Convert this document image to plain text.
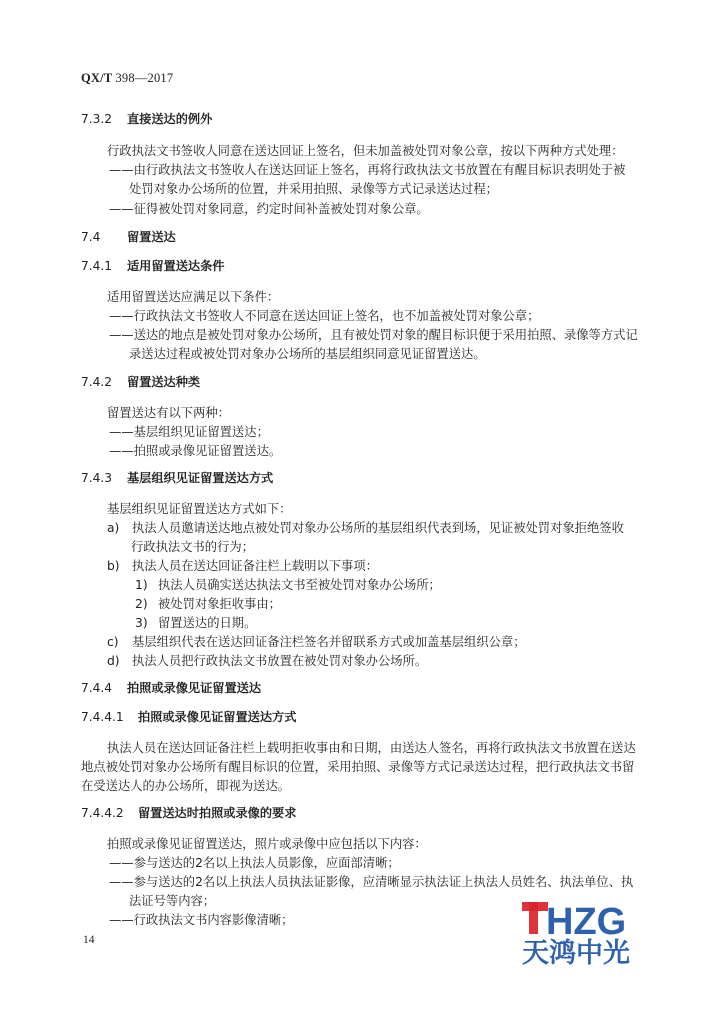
QX/T 398—2017
7.3.2 直接送达的例外
行政执法文书签收人同意在送达回证上签名，但未加盖被处罚对象公章，按以下两种方式处理：
——由行政执法文书签收人在送达回证上签名，再将行政执法文书放置在有醒目标识表明处于被
处罚对象办公场所的位置，并采用拍照、录像等方式记录送达过程；
——征得被处罚对象同意，约定时间补盖被处罚对象公章。
7.4 留置送达
7.4.1 适用留置送达条件
适用留置送达应满足以下条件：
——行政执法文书签收人不同意在送达回证上签名，也不加盖被处罚对象公章；
——送达的地点是被处罚对象办公场所，且有被处罚对象的醒目标识便于采用拍照、录像等方式记
录送达过程或被处罚对象办公场所的基层组织同意见证留置送达。
7.4.2 留置送达种类
留置送达有以下两种：
——基层组织见证留置送达；
——拍照或录像见证留置送达。
7.4.3 基层组织见证留置送达方式
基层组织见证留置送达方式如下：
a) 执法人员邀请送达地点被处罚对象办公场所的基层组织代表到场，见证被处罚对象拒绝签收
行政执法文书的行为；
b) 执法人员在送达回证备注栏上载明以下事项：
1) 执法人员确实送达执法文书至被处罚对象办公场所；
2) 被处罚对象拒收事由；
3) 留置送达的日期。
c) 基层组织代表在送达回证备注栏签名并留联系方式或加盖基层组织公章；
d) 执法人员把行政执法文书放置在被处罚对象办公场所。
7.4.4 拍照或录像见证留置送达
7.4.4.1 拍照或录像见证留置送达方式
执法人员在送达回证备注栏上载明拒收事由和日期，由送达人签名，再将行政执法文书放置在送达
地点被处罚对象办公场所有醒目标识的位置，采用拍照、录像等方式记录送达过程，把行政执法文书留
在受送达人的办公场所，即视为送达。
7.4.4.2 留置送达时拍照或录像的要求
拍照或录像见证留置送达，照片或录像中应包括以下内容：
——参与送达的2名以上执法人员影像，应面部清晰；
——参与送达的2名以上执法人员执法证影像，应清晰显示执法证上执法人员姓名、执法单位、执
法证号等内容；
——行政执法文书内容影像清晰；
14	HZG
天鸿中光
